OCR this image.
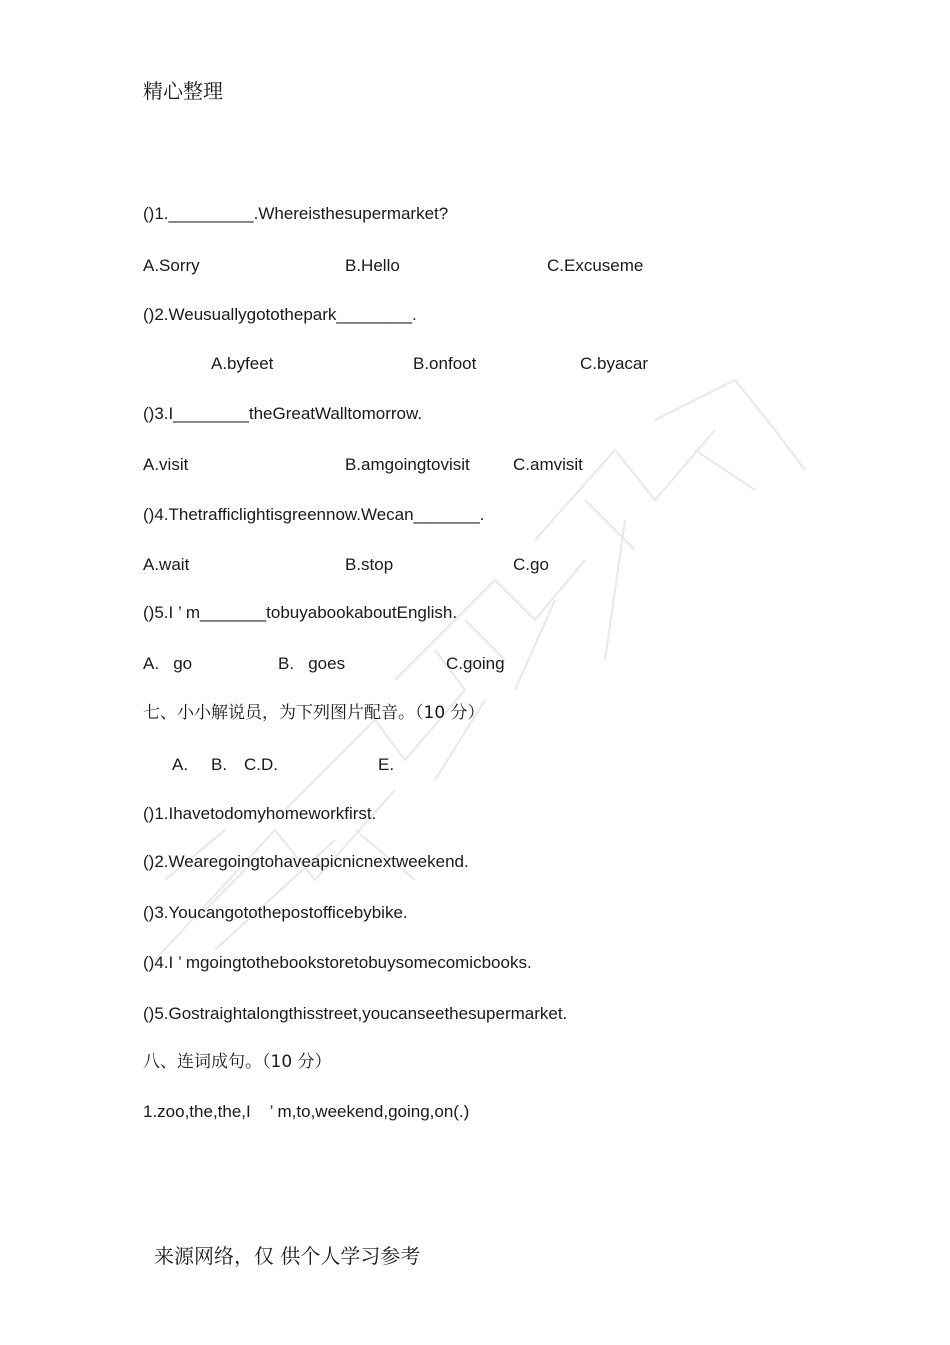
精心整理
()1._________.Whereisthesupermarket?
A.Sorry	B.Hello	C.Excuseme
()2.Weusuallygotothepark________.
A.byfeet	B.onfoot	C.byacar
()3.I________theGreatWalltomorrow.
A.visit	B.amgoingtovisit	C.amvisit
()4.Thetrafficlightisgreennow.Wecan_______.
A.wait	B.stop	C.go
()5.I ’ m_______tobuyabookaboutEnglish.
A.   go	B.   goes	C.going
七、小小解说员，为下列图片配音。（10 分）
A. B. C.D.	E.
()1.Ihavetodomyhomeworkfirst.
()2.Wearegoingtohaveapicnicnextweekend.
()3.Youcangotothepostofficebybike.
()4.I ’ mgoingtothebookstoretobuysomecomicbooks.
()5.Gostraightalongthisstreet,youcanseethesupermarket.
八、连词成句。（10 分）
1.zoo,the,the,I    ’ m,to,weekend,going,on(.)
来源网络，仅 供个人学习参考
